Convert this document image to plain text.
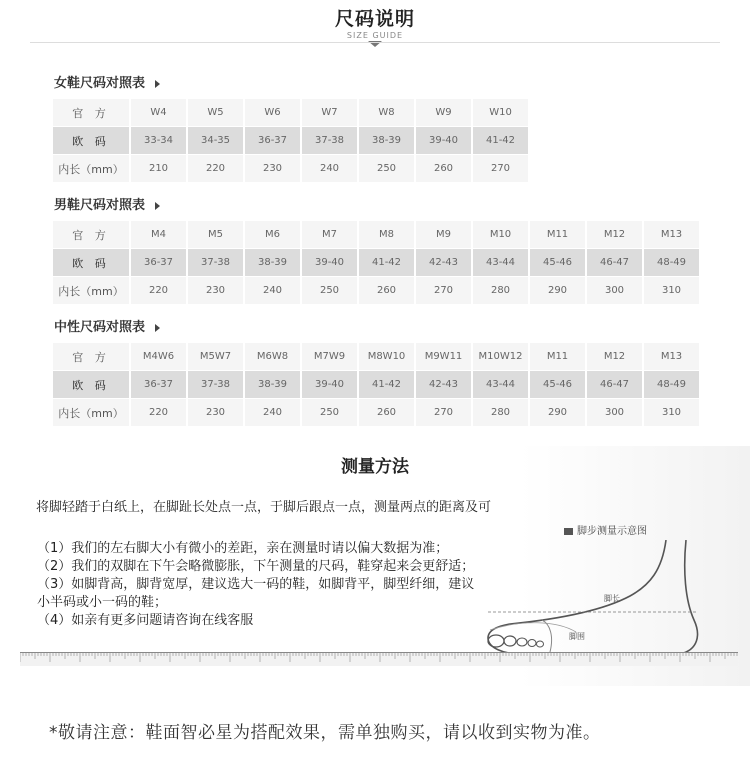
尺码说明
SIZE GUIDE
女鞋尺码对照表
官 方	W4	W5	W6	W7	W8	W9	W10
欧 码	33-34	34-35	36-37	37-38	38-39	39-40	41-42
内长（mm）	210	220	230	240	250	260	270
男鞋尺码对照表
官 方	M4	M5	M6	M7	M8	M9	M10	M11	M12	M13
欧 码	36-37	37-38	38-39	39-40	41-42	42-43	43-44	45-46	46-47	48-49
内长（mm）	220	230	240	250	260	270	280	290	300	310
中性尺码对照表
官 方	M4W6	M5W7	M6W8	M7W9	M8W10	M9W11	M10W12	M11	M12	M13
欧 码	36-37	37-38	38-39	39-40	41-42	42-43	43-44	45-46	46-47	48-49
内长（mm）	220	230	240	250	260	270	280	290	300	310
测量方法
将脚轻踏于白纸上，在脚趾长处点一点，于脚后跟点一点，测量两点的距离及可
脚步测量示意图
（1）我们的左右脚大小有微小的差距，亲在测量时请以偏大数据为准；
（2）我们的双脚在下午会略微膨胀，下午测量的尺码，鞋穿起来会更舒适；
（3）如脚背高，脚背宽厚，建议选大一码的鞋，如脚背平，脚型纤细，建议
小半码或小一码的鞋；
（4）如亲有更多问题请咨询在线客服
脚长
脚围
*敬请注意：鞋面智必星为搭配效果，需单独购买，请以收到实物为准。
